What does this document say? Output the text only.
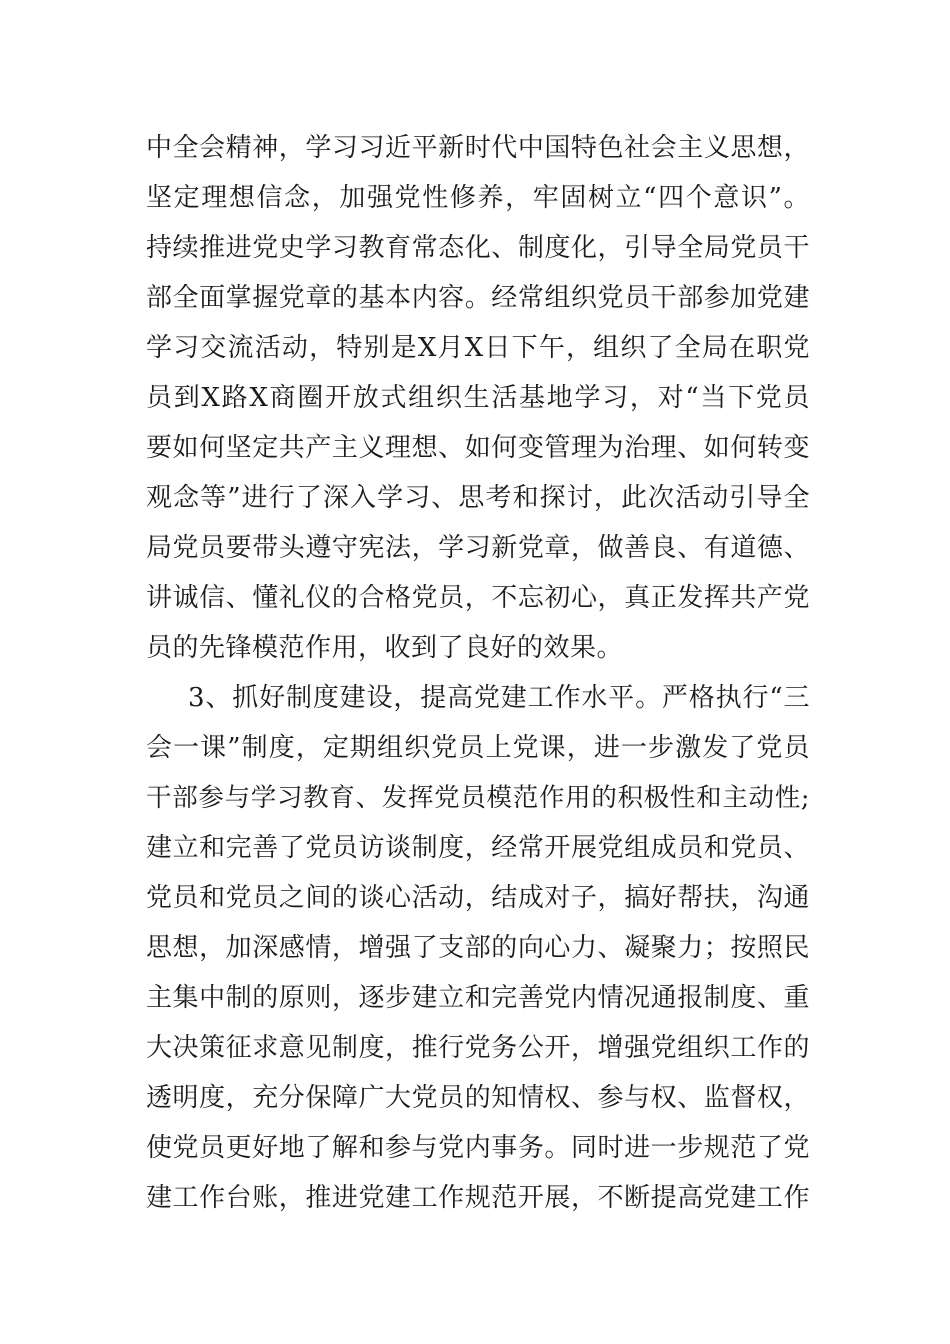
中全会精神，学习习近平新时代中国特色社会主义思想，
坚定理想信念，加强党性修养，牢固树立“四个意识”。
持续推进党史学习教育常态化、制度化，引导全局党员干
部全面掌握党章的基本内容。经常组织党员干部参加党建
学习交流活动，特别是X月X日下午，组织了全局在职党
员到X路X商圈开放式组织生活基地学习，对“当下党员
要如何坚定共产主义理想、如何变管理为治理、如何转变
观念等”进行了深入学习、思考和探讨，此次活动引导全
局党员要带头遵守宪法，学习新党章，做善良、有道德、
讲诚信、懂礼仪的合格党员，不忘初心，真正发挥共产党
员的先锋模范作用，收到了良好的效果。
3、抓好制度建设，提高党建工作水平。严格执行“三
会一课”制度，定期组织党员上党课，进一步激发了党员
干部参与学习教育、发挥党员模范作用的积极性和主动性;
建立和完善了党员访谈制度，经常开展党组成员和党员、
党员和党员之间的谈心活动，结成对子，搞好帮扶，沟通
思想，加深感情，增强了支部的向心力、凝聚力；按照民
主集中制的原则，逐步建立和完善党内情况通报制度、重
大决策征求意见制度，推行党务公开，增强党组织工作的
透明度，充分保障广大党员的知情权、参与权、监督权，
使党员更好地了解和参与党内事务。同时进一步规范了党
建工作台账，推进党建工作规范开展，不断提高党建工作
